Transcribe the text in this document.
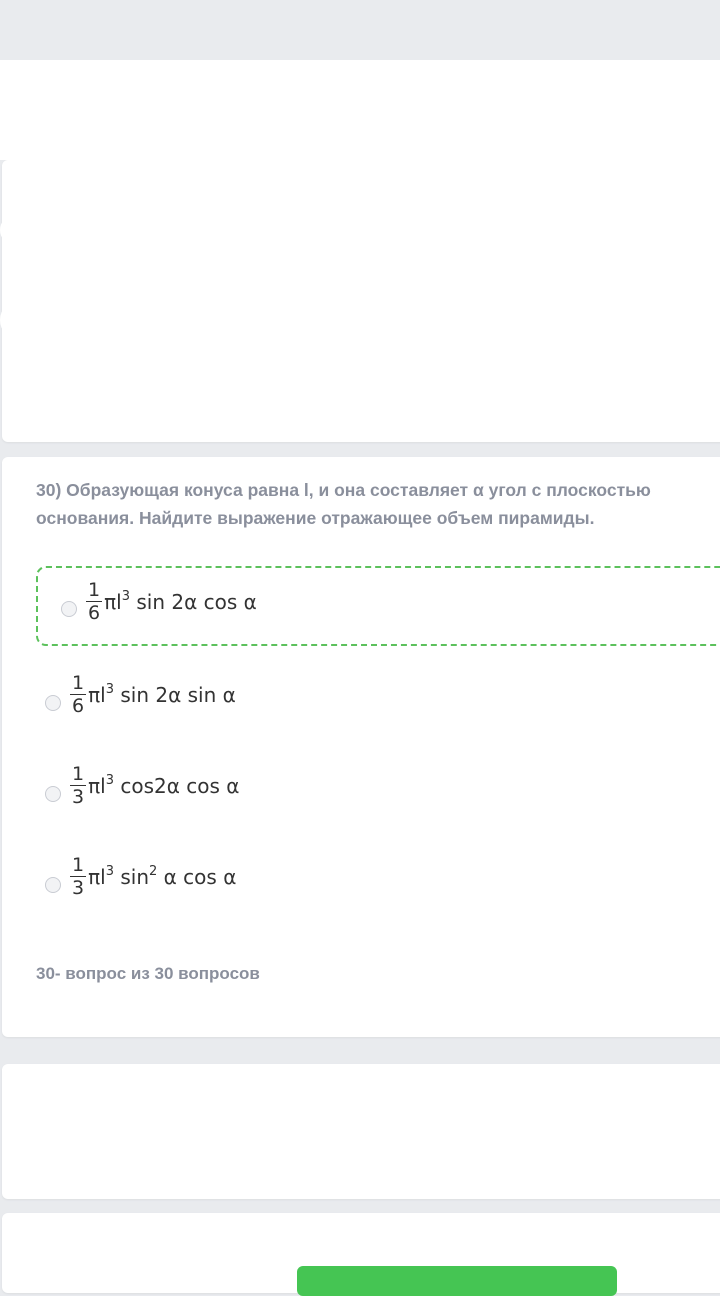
30) Образующая конуса равна l, и она составляет α угол с плоскостью основания. Найдите выражение отражающее объем пирамиды.
$\frac{1}{6} \pi l^3$ sin 2α cos α
$\frac{1}{6} \pi l^3$ sin 2α sin α
$\frac{1}{3} \pi l^3$ cos2α cos α
$\frac{1}{3} \pi l^3$ $\sin^2 \alpha$ cos α
30- вопрос из 30 вопросов
